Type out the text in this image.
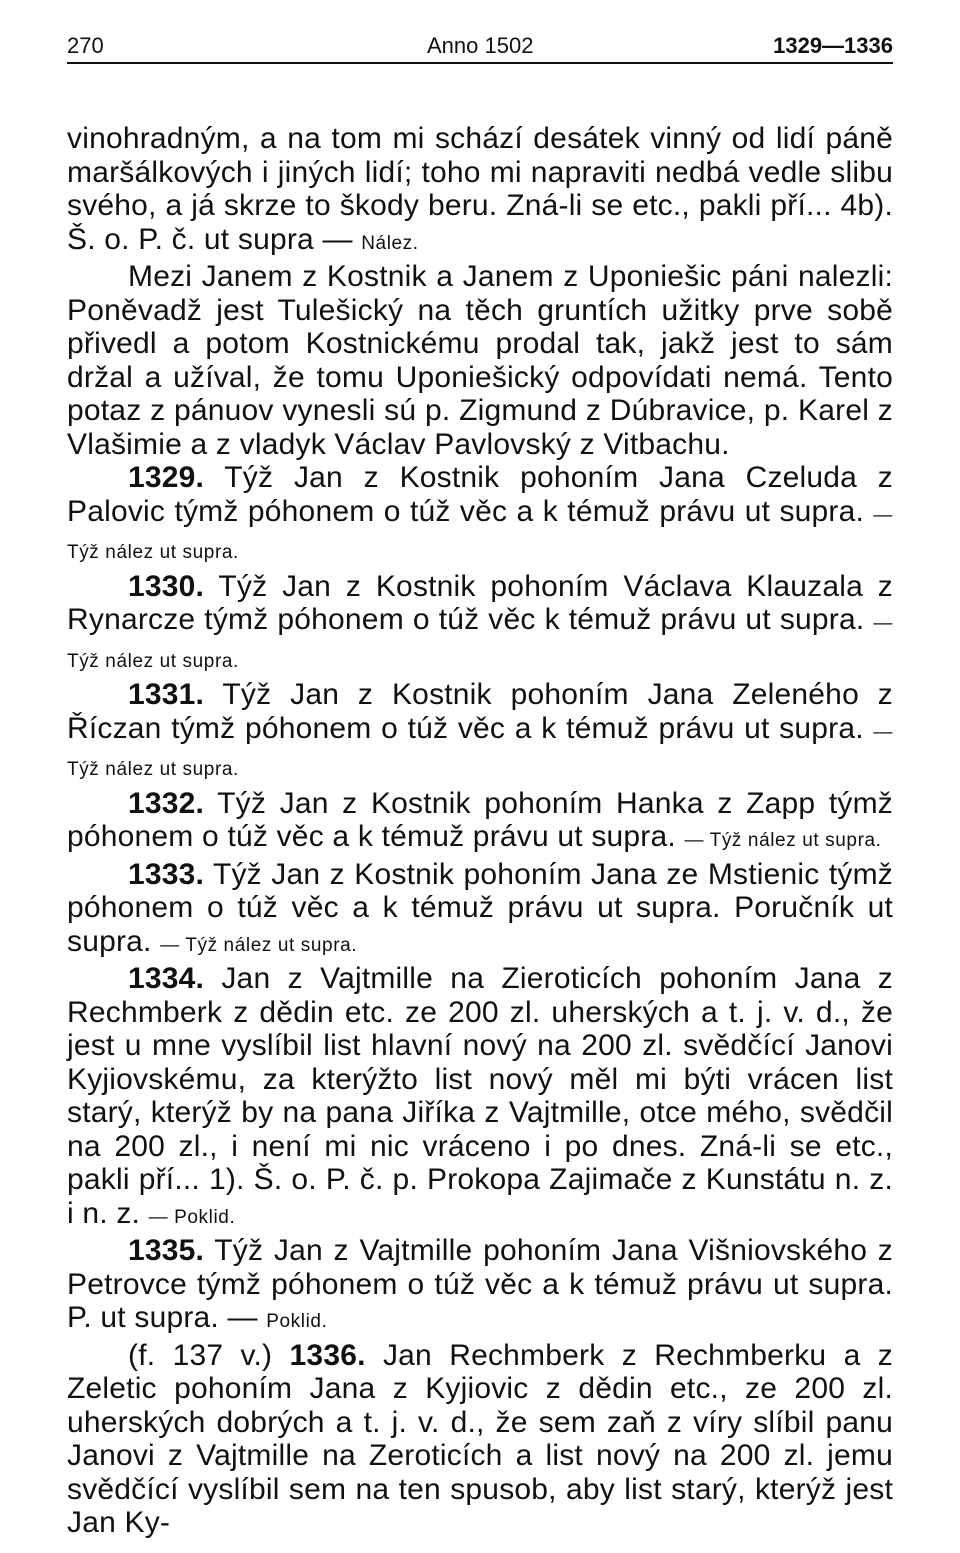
270	Anno 1502	1329—1336

vinohradným, a na tom mi schází desátek vinný od lidí páně maršálkových i jiných lidí; toho mi napraviti nedbá vedle slibu svého, a já skrze to škody beru. Zná-li se etc., pakli pří... 4b). Š. o. P. č. ut supra — Nález.

Mezi Janem z Kostnik a Janem z Uponiešic páni nalezli: Poněvadž jest Tulešický na těch gruntích užitky prve sobě přivedl a potom Kostnickému prodal tak, jakž jest to sám držal a užíval, že tomu Uponiešický odpovídati nemá. Tento potaz z pánuov vynesli sú p. Zigmund z Dúbravice, p. Karel z Vlašimie a z vladyk Václav Pavlovský z Vitbachu.

1329. Týž Jan z Kostnik pohoním Jana Czeluda z Palovic týmž póhonem o túž věc a k témuž právu ut supra. — Týž nález ut supra.

1330. Týž Jan z Kostnik pohoním Václava Klauzala z Rynarcze týmž póhonem o túž věc k témuž právu ut supra. — Týž nález ut supra.

1331. Týž Jan z Kostnik pohoním Jana Zeleného z Říczan týmž póhonem o túž věc a k témuž právu ut supra. — Týž nález ut supra.

1332. Týž Jan z Kostnik pohoním Hanka z Zapp týmž póhonem o túž věc a k témuž právu ut supra. — Týž nález ut supra.

1333. Týž Jan z Kostnik pohoním Jana ze Mstienic týmž póhonem o túž věc a k témuž právu ut supra. Poručník ut supra. — Týž nález ut supra.

1334. Jan z Vajtmille na Zieroticích pohoním Jana z Rechmberk z dědin etc. ze 200 zl. uherských a t. j. v. d., že jest u mne vyslíbil list hlavní nový na 200 zl. svědčící Janovi Kyjiovskému, za kterýžto list nový měl mi býti vrácen list starý, kterýž by na pana Jiříka z Vajtmille, otce mého, svědčil na 200 zl., i není mi nic vráceno i po dnes. Zná-li se etc., pakli pří... 1). Š. o. P. č. p. Prokopa Zajimače z Kunstátu n. z. i n. z. — Poklid.

1335. Týž Jan z Vajtmille pohoním Jana Višniovského z Petrovce týmž póhonem o túž věc a k témuž právu ut supra. P. ut supra. — Poklid.

(f. 137 v.) 1336. Jan Rechmberk z Rechmberku a z Zeletic pohoním Jana z Kyjiovic z dědin etc., ze 200 zl. uherských dobrých a t. j. v. d., že sem zaň z víry slíbil panu Janovi z Vajtmille na Zeroticích a list nový na 200 zl. jemu svědčící vyslíbil sem na ten spusob, aby list starý, kterýž jest Jan Ky-
